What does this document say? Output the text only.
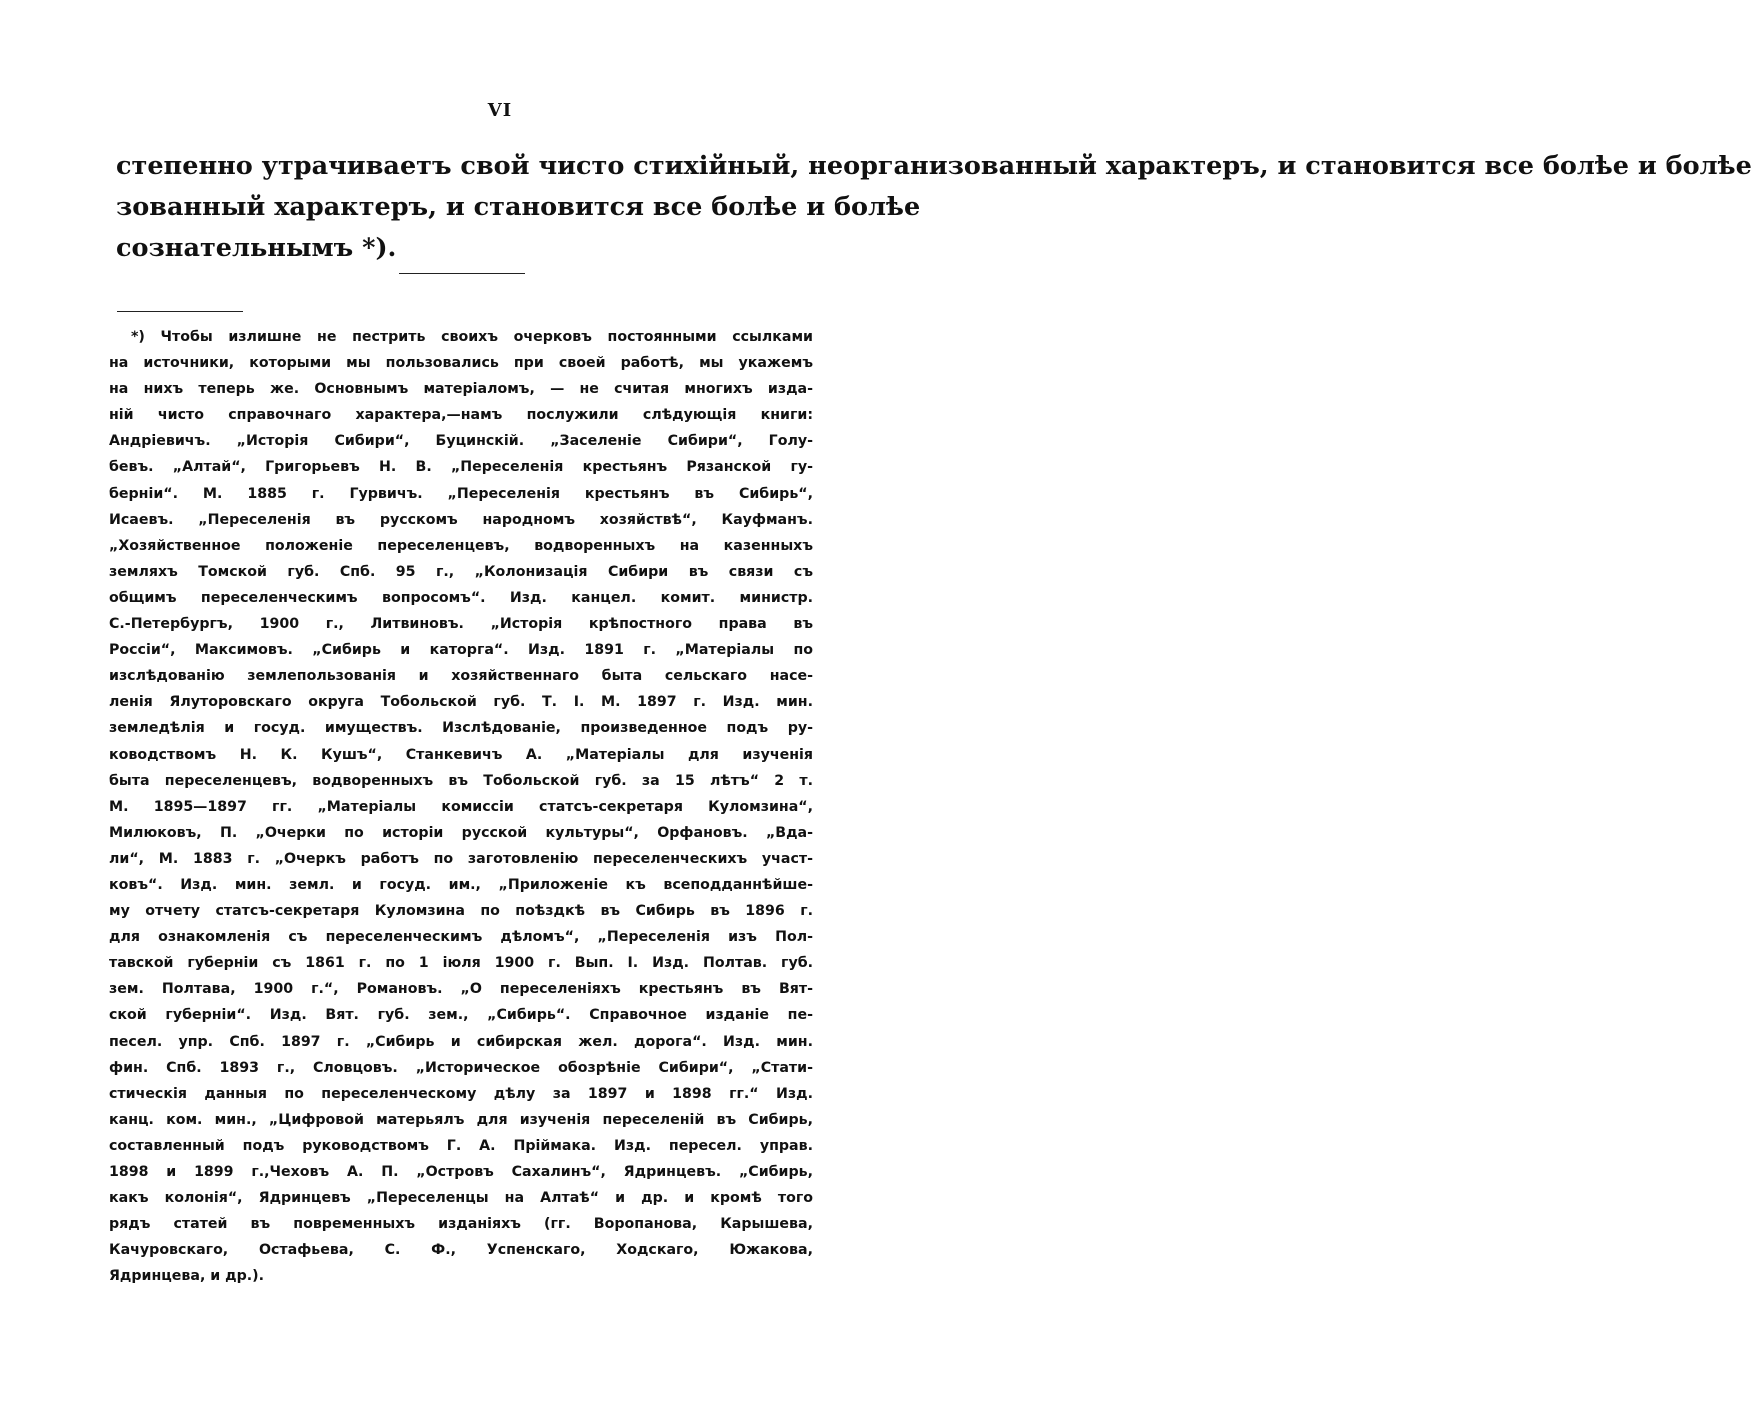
VI
степенно утрачиваетъ свой чисто стихійный, неорганизованный характеръ, и становится все болѣе и болѣе
зованный характеръ, и становится все болѣе и болѣе
сознательнымъ *).
*) Чтобы излишне не пестрить своихъ очерковъ постоянными ссылками
на источники, которыми мы пользовались при своей работѣ, мы укажемъ
на нихъ теперь же. Основнымъ матеріаломъ, — не считая многихъ изда-
ній чисто справочнаго характера,—намъ послужили слѣдующія книги:
Андріевичъ. „Исторія Сибири“, Буцинскій. „Заселеніе Сибири“, Голу-
бевъ. „Алтай“, Григорьевъ Н. В. „Переселенія крестьянъ Рязанской гу-
берніи“. М. 1885 г. Гурвичъ. „Переселенія крестьянъ въ Сибирь“,
Исаевъ. „Переселенія въ русскомъ народномъ хозяйствѣ“, Кауфманъ.
„Хозяйственное положеніе переселенцевъ, водворенныхъ на казенныхъ
земляхъ Томской губ. Спб. 95 г., „Колонизація Сибири въ связи съ
общимъ переселенческимъ вопросомъ“. Изд. канцел. комит. министр.
С.-Петербургъ, 1900 г., Литвиновъ. „Исторія крѣпостного права въ
Россіи“, Максимовъ. „Сибирь и каторга“. Изд. 1891 г. „Матеріалы по
изслѣдованію землепользованія и хозяйственнаго быта сельскаго насе-
ленія Ялуторовскаго округа Тобольской губ. Т. І. М. 1897 г. Изд. мин.
земледѣлія и госуд. имуществъ. Изслѣдованіе, произведенное подъ ру-
ководствомъ Н. К. Кушъ“, Станкевичъ А. „Матеріалы для изученія
быта переселенцевъ, водворенныхъ въ Тобольской губ. за 15 лѣтъ“ 2 т.
М. 1895—1897 гг. „Матеріалы комиссіи статсъ-секретаря Куломзина“,
Милюковъ, П. „Очерки по исторіи русской культуры“, Орфановъ. „Вда-
ли“, М. 1883 г. „Очеркъ работъ по заготовленію переселенческихъ участ-
ковъ“. Изд. мин. земл. и госуд. им., „Приложеніе къ всеподданнѣйше-
му отчету статсъ-секретаря Куломзина по поѣздкѣ въ Сибирь въ 1896 г.
для ознакомленія съ переселенческимъ дѣломъ“, „Переселенія изъ Пол-
тавской губерніи съ 1861 г. по 1 іюля 1900 г. Вып. І. Изд. Полтав. губ.
зем. Полтава, 1900 г.“, Романовъ. „О переселеніяхъ крестьянъ въ Вят-
ской губерніи“. Изд. Вят. губ. зем., „Сибирь“. Справочное изданіе пе-
песел. упр. Спб. 1897 г. „Сибирь и сибирская жел. дорога“. Изд. мин.
фин. Спб. 1893 г., Словцовъ. „Историческое обозрѣніе Сибири“, „Стати-
стическія данныя по переселенческому дѣлу за 1897 и 1898 гг.“ Изд.
канц. ком. мин., „Цифровой матерьялъ для изученія переселеній въ Сибирь,
составленный подъ руководствомъ Г. А. Пріймака. Изд. пересел. управ.
1898 и 1899 г.,Чеховъ А. П. „Островъ Сахалинъ“, Ядринцевъ. „Сибирь,
какъ колонія“, Ядринцевъ „Переселенцы на Алтаѣ“ и др. и кромѣ того
рядъ статей въ повременныхъ изданіяхъ (гг. Воропанова, Карышева,
Качуровскаго, Остафьева, С. Ф., Успенскаго, Ходскаго, Южакова,
Ядринцева, и др.).
